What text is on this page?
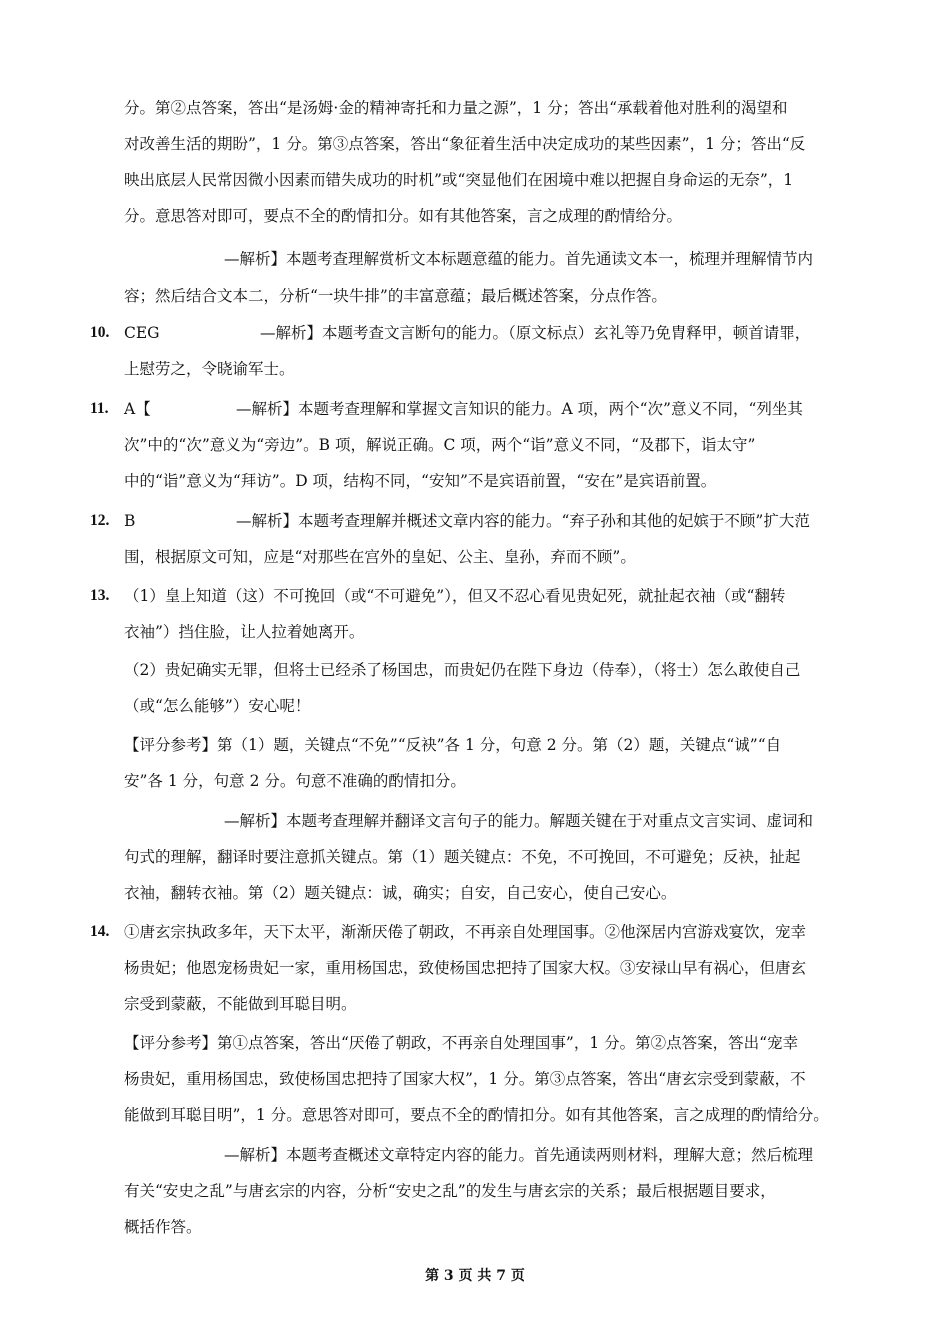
分。第②点答案，答出“是汤姆·金的精神寄托和力量之源”，1 分；答出“承载着他对胜利的渴望和
对改善生活的期盼”，1 分。第③点答案，答出“象征着生活中决定成功的某些因素”，1 分；答出“反
映出底层人民常因微小因素而错失成功的时机”或“突显他们在困境中难以把握自身命运的无奈”，1
分。意思答对即可，要点不全的酌情扣分。如有其他答案，言之成理的酌情给分。
—解析】本题考查理解赏析文本标题意蕴的能力。首先通读文本一，梳理并理解情节内
容；然后结合文本二，分析“一块牛排”的丰富意蕴；最后概述答案，分点作答。
10. CEG	—解析】本题考查文言断句的能力。（原文标点）玄礼等乃免胄释甲，顿首请罪，
上慰劳之，令晓谕军士。
11. A【	—解析】本题考查理解和掌握文言知识的能力。A 项，两个“次”意义不同，“列坐其
次”中的“次”意义为“旁边”。B 项，解说正确。C 项，两个“诣”意义不同，“及郡下，诣太守”
中的“诣”意义为“拜访”。D 项，结构不同，“安知”不是宾语前置，“安在”是宾语前置。
12. B	—解析】本题考查理解并概述文章内容的能力。“弃子孙和其他的妃嫔于不顾”扩大范
围，根据原文可知，应是“对那些在宫外的皇妃、公主、皇孙，弃而不顾”。
13. （1）皇上知道（这）不可挽回（或“不可避免”），但又不忍心看见贵妃死，就扯起衣袖（或“翻转
衣袖”）挡住脸，让人拉着她离开。
（2）贵妃确实无罪，但将士已经杀了杨国忠，而贵妃仍在陛下身边（侍奉），（将士）怎么敢使自己
（或“怎么能够”）安心呢！
【评分参考】第（1）题，关键点“不免”“反袂”各 1 分，句意 2 分。第（2）题，关键点“诚”“自
安”各 1 分，句意 2 分。句意不准确的酌情扣分。
—解析】本题考查理解并翻译文言句子的能力。解题关键在于对重点文言实词、虚词和
句式的理解，翻译时要注意抓关键点。第（1）题关键点：不免，不可挽回，不可避免；反袂，扯起
衣袖，翻转衣袖。第（2）题关键点：诚，确实；自安，自己安心，使自己安心。
14. ①唐玄宗执政多年，天下太平，渐渐厌倦了朝政，不再亲自处理国事。②他深居内宫游戏宴饮，宠幸
杨贵妃；他恩宠杨贵妃一家，重用杨国忠，致使杨国忠把持了国家大权。③安禄山早有祸心，但唐玄
宗受到蒙蔽，不能做到耳聪目明。
【评分参考】第①点答案，答出“厌倦了朝政，不再亲自处理国事”，1 分。第②点答案，答出“宠幸
杨贵妃，重用杨国忠，致使杨国忠把持了国家大权”，1 分。第③点答案，答出“唐玄宗受到蒙蔽，不
能做到耳聪目明”，1 分。意思答对即可，要点不全的酌情扣分。如有其他答案，言之成理的酌情给分。
—解析】本题考查概述文章特定内容的能力。首先通读两则材料，理解大意；然后梳理
有关“安史之乱”与唐玄宗的内容，分析“安史之乱”的发生与唐玄宗的关系；最后根据题目要求，
概括作答。
第 3 页 共 7 页
